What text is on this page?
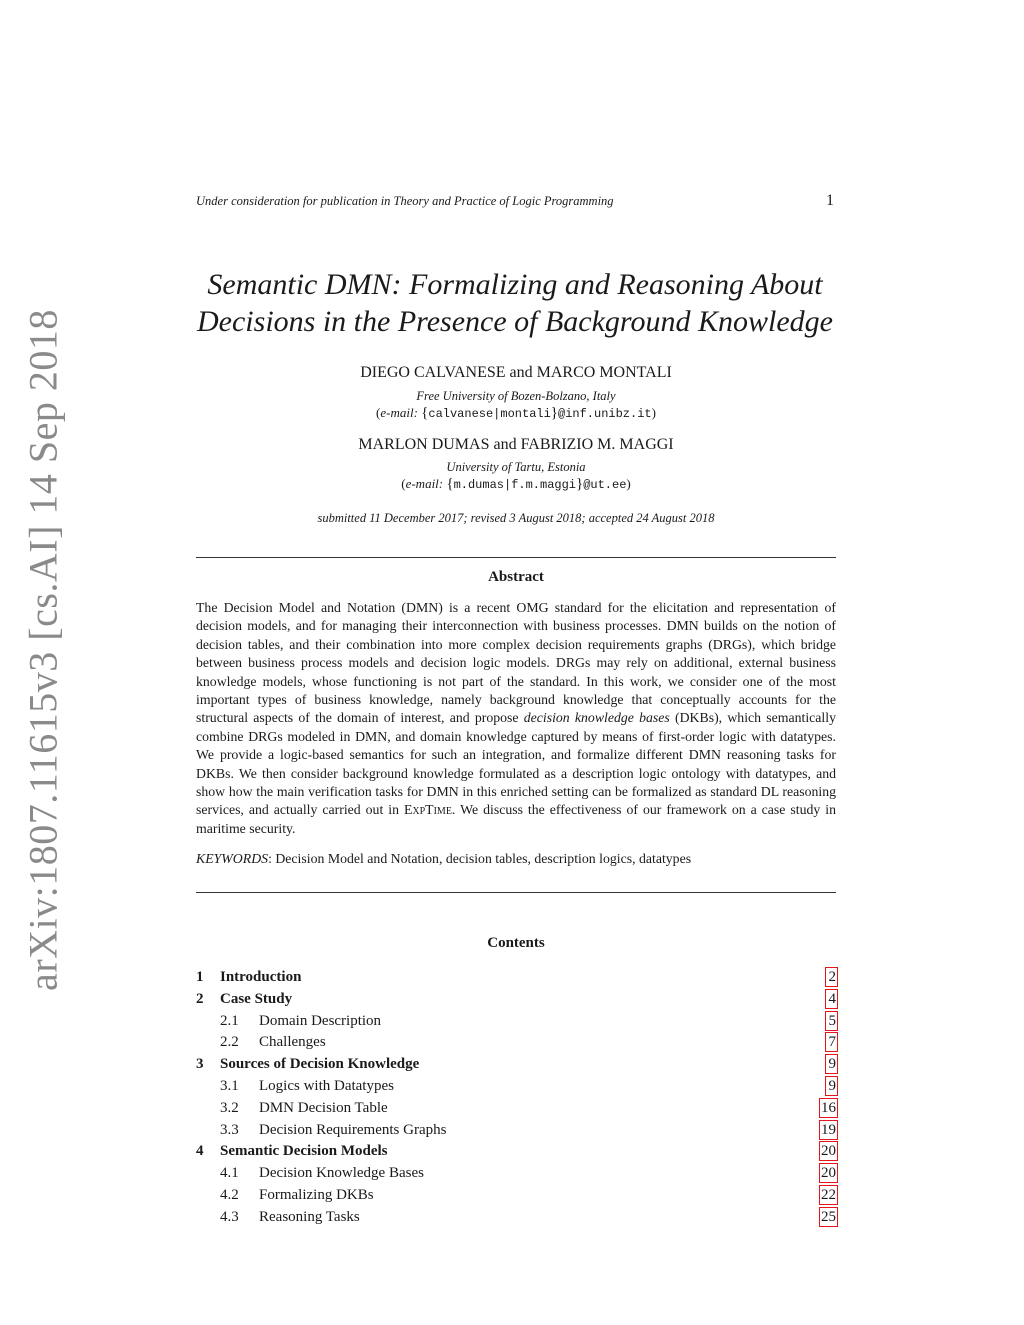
arXiv:1807.11615v3 [cs.AI] 14 Sep 2018
Under consideration for publication in Theory and Practice of Logic Programming	1
Semantic DMN: Formalizing and Reasoning About
Decisions in the Presence of Background Knowledge
DIEGO CALVANESE and MARCO MONTALI
Free University of Bozen-Bolzano, Italy
(e-mail: {calvanese|montali}@inf.unibz.it)
MARLON DUMAS and FABRIZIO M. MAGGI
University of Tartu, Estonia
(e-mail: {m.dumas|f.m.maggi}@ut.ee)
submitted 11 December 2017; revised 3 August 2018; accepted 24 August 2018
Abstract
The Decision Model and Notation (DMN) is a recent OMG standard for the elicitation and representation of decision models, and for managing their interconnection with business processes. DMN builds on the notion of decision tables, and their combination into more complex decision requirements graphs (DRGs), which bridge between business process models and decision logic models. DRGs may rely on additional, external business knowledge models, whose functioning is not part of the standard. In this work, we consider one of the most important types of business knowledge, namely background knowledge that conceptually accounts for the structural aspects of the domain of interest, and propose decision knowledge bases (DKBs), which semantically combine DRGs modeled in DMN, and domain knowledge captured by means of first-order logic with datatypes. We provide a logic-based semantics for such an integration, and formalize different DMN reasoning tasks for DKBs. We then consider background knowledge formulated as a description logic ontology with datatypes, and show how the main verification tasks for DMN in this enriched setting can be formalized as standard DL reasoning services, and actually carried out in ExpTime. We discuss the effectiveness of our framework on a case study in maritime security.
KEYWORDS: Decision Model and Notation, decision tables, description logics, datatypes
Contents
1 Introduction	2
2 Case Study	4
2.1 Domain Description	5
2.2 Challenges	7
3 Sources of Decision Knowledge	9
3.1 Logics with Datatypes	9
3.2 DMN Decision Table	16
3.3 Decision Requirements Graphs	19
4 Semantic Decision Models	20
4.1 Decision Knowledge Bases	20
4.2 Formalizing DKBs	22
4.3 Reasoning Tasks	25
